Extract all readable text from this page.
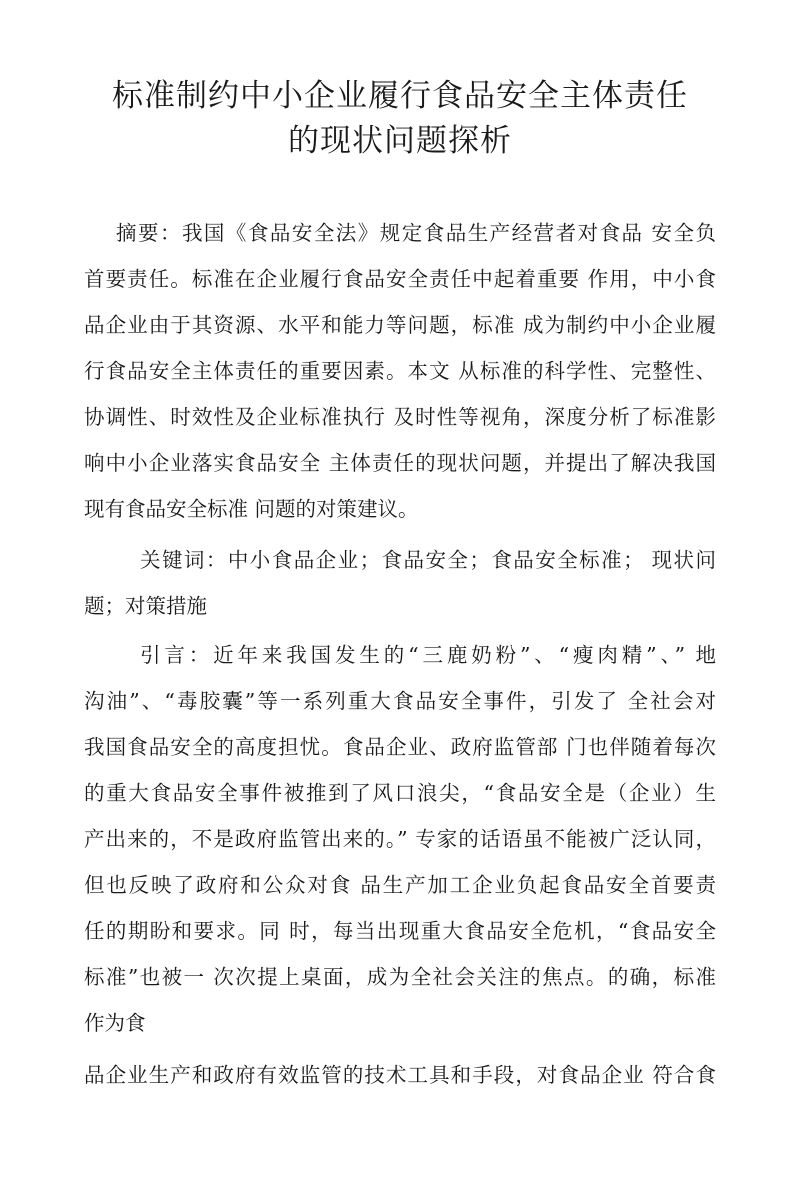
标准制约中小企业履行食品安全主体责任
的现状问题探析
摘要：我国《食品安全法》规定食品生产经营者对食品 安全负
首要责任。标准在企业履行食品安全责任中起着重要 作用，中小食
品企业由于其资源、水平和能力等问题，标准 成为制约中小企业履
行食品安全主体责任的重要因素。本文 从标准的科学性、完整性、
协调性、时效性及企业标准执行 及时性等视角，深度分析了标准影
响中小企业落实食品安全 主体责任的现状问题，并提出了解决我国
现有食品安全标准 问题的对策建议。
关键词：中小食品企业；食品安全；食品安全标准； 现状问
题；对策措施
引言：近年来我国发生的“三鹿奶粉”、“瘦肉精”、” 地
沟油”、“毒胶囊”等一系列重大食品安全事件，引发了 全社会对
我国食品安全的高度担忧。食品企业、政府监管部 门也伴随着每次
的重大食品安全事件被推到了风口浪尖，“食品安全是（企业）生
产出来的，不是政府监管出来的。” 专家的话语虽不能被广泛认同，
但也反映了政府和公众对食 品生产加工企业负起食品安全首要责
任的期盼和要求。同 时，每当出现重大食品安全危机，“食品安全
标准”也被一 次次提上桌面，成为全社会关注的焦点。的确，标准
作为食
品企业生产和政府有效监管的技术工具和手段，对食品企业 符合食
